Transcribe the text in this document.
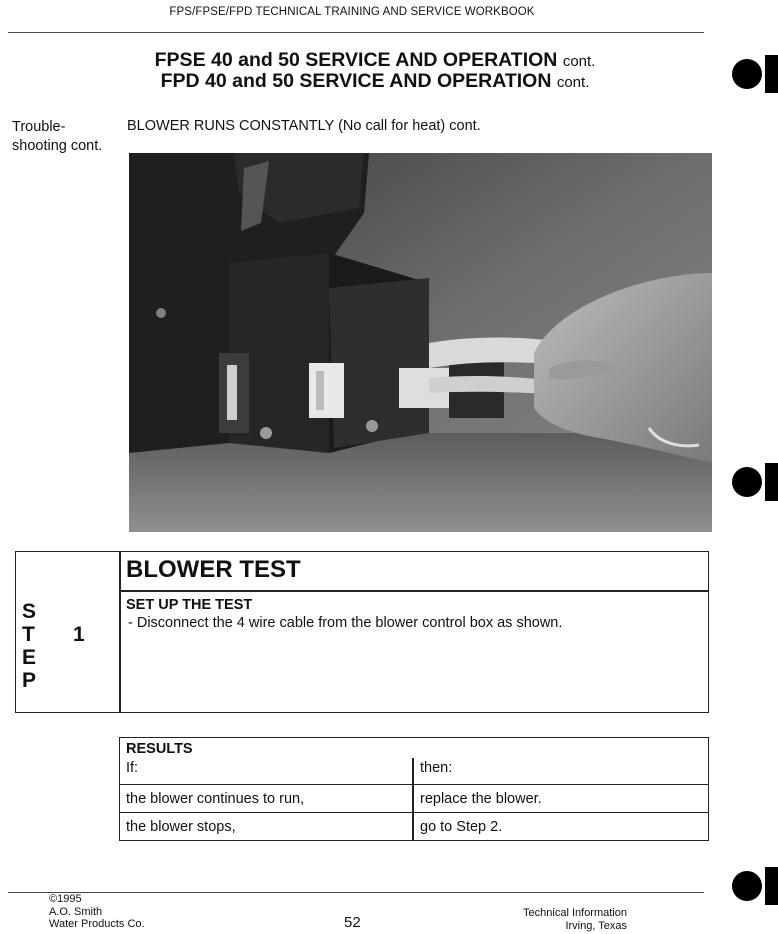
FPS/FPSE/FPD TECHNICAL TRAINING AND SERVICE WORKBOOK
FPSE 40 and 50 SERVICE AND OPERATION cont.
FPD 40 and 50 SERVICE AND OPERATION cont.
Trouble-
shooting cont.
BLOWER RUNS CONSTANTLY (No call for heat) cont.
S
T
E
P
1
BLOWER TEST
SET UP THE TEST
- Disconnect the 4 wire cable from the blower control box as shown.
RESULTS
If:	then:
the blower continues to run,	replace the blower.
the blower stops,	go to Step 2.
©1995
A.O. Smith
Water Products Co.	52
Technical Information
Irving, Texas
